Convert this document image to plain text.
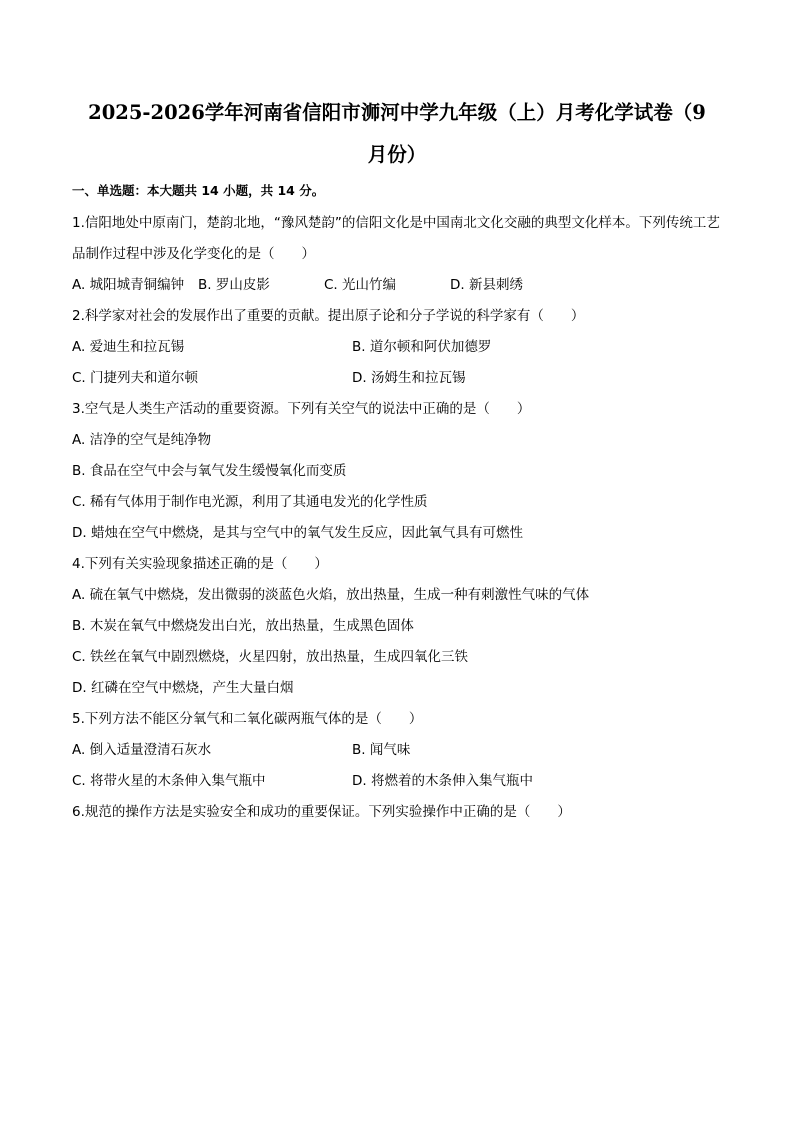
2025-2026学年河南省信阳市浉河中学九年级（上）月考化学试卷（9
月份）
一、单选题：本大题共 14 小题，共 14 分。
1.信阳地处中原南门，楚韵北地，“豫风楚韵”的信阳文化是中国南北文化交融的典型文化样本。下列传统工艺品制作过程中涉及化学变化的是（　　）
A. 城阳城青铜编钟	B. 罗山皮影	C. 光山竹编	D. 新县刺绣
2.科学家对社会的发展作出了重要的贡献。提出原子论和分子学说的科学家有（　　）
A. 爱迪生和拉瓦锡	B. 道尔顿和阿伏加德罗
C. 门捷列夫和道尔顿	D. 汤姆生和拉瓦锡
3.空气是人类生产活动的重要资源。下列有关空气的说法中正确的是（　　）
A. 洁净的空气是纯净物
B. 食品在空气中会与氧气发生缓慢氧化而变质
C. 稀有气体用于制作电光源，利用了其通电发光的化学性质
D. 蜡烛在空气中燃烧，是其与空气中的氧气发生反应，因此氧气具有可燃性
4.下列有关实验现象描述正确的是（　　）
A. 硫在氧气中燃烧，发出微弱的淡蓝色火焰，放出热量，生成一种有刺激性气味的气体
B. 木炭在氧气中燃烧发出白光，放出热量，生成黑色固体
C. 铁丝在氧气中剧烈燃烧，火星四射，放出热量，生成四氧化三铁
D. 红磷在空气中燃烧，产生大量白烟
5.下列方法不能区分氧气和二氧化碳两瓶气体的是（　　）
A. 倒入适量澄清石灰水	B. 闻气味
C. 将带火星的木条伸入集气瓶中	D. 将燃着的木条伸入集气瓶中
6.规范的操作方法是实验安全和成功的重要保证。下列实验操作中正确的是（　　）
